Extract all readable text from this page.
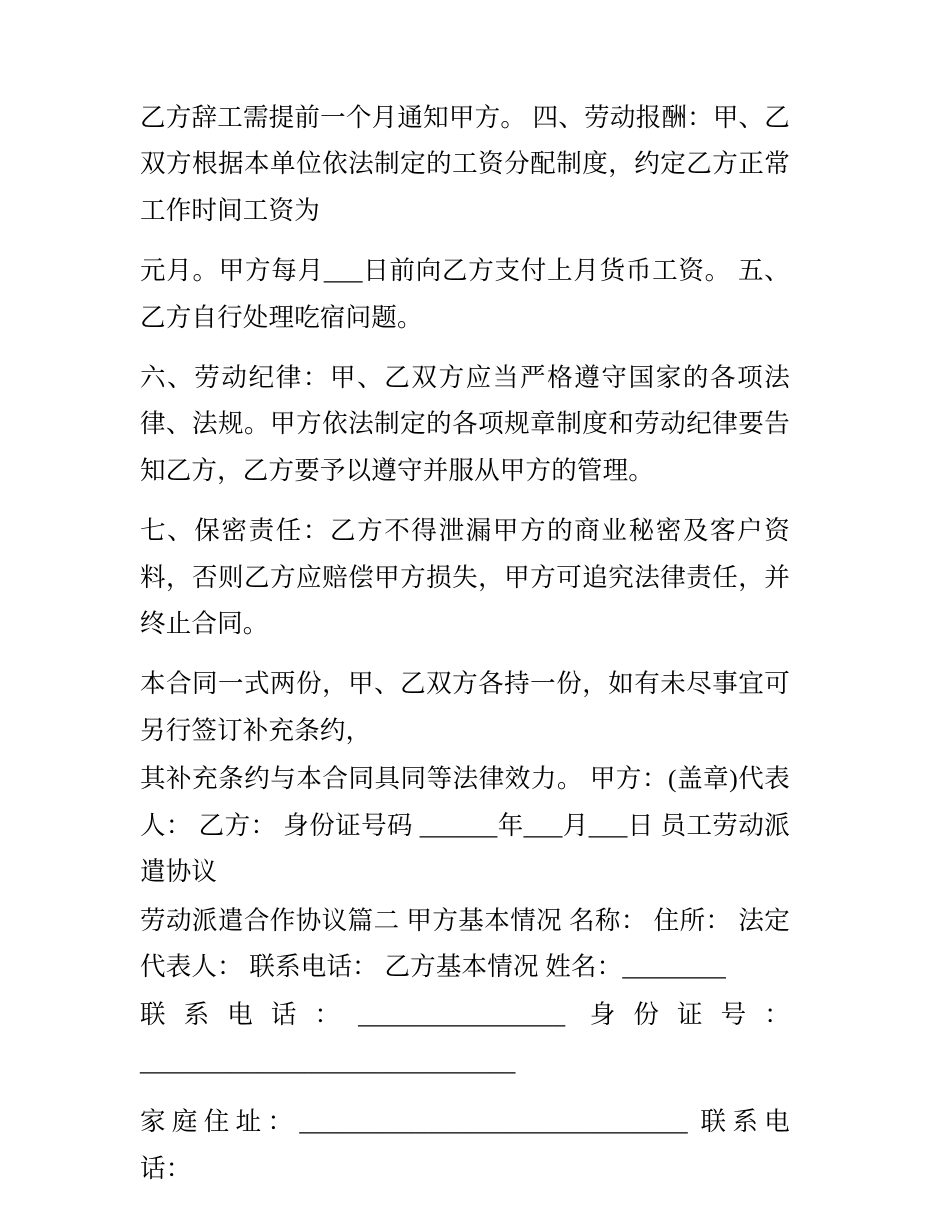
乙方辞工需提前一个月通知甲方。 四、劳动报酬：甲、乙双方根据本单位依法制定的工资分配制度，约定乙方正常工作时间工资为

元月。甲方每月___日前向乙方支付上月货币工资。 五、乙方自行处理吃宿问题。

六、劳动纪律：甲、乙双方应当严格遵守国家的各项法律、法规。甲方依法制定的各项规章制度和劳动纪律要告知乙方，乙方要予以遵守并服从甲方的管理。

七、保密责任：乙方不得泄漏甲方的商业秘密及客户资料，否则乙方应赔偿甲方损失，甲方可追究法律责任，并终止合同。

本合同一式两份，甲、乙双方各持一份，如有未尽事宜可另行签订补充条约，

其补充条约与本合同具同等法律效力。 甲方：(盖章)代表人： 乙方： 身份证号码 ______年___月___日 员工劳动派遣协议

劳动派遣合作协议篇二 甲方基本情况 名称： 住所： 法定代表人： 联系电话： 乙方基本情况 姓名：________

联系电话：________________ 身份证号：_____________________________

家庭住址：______________________________ 联系电话：
